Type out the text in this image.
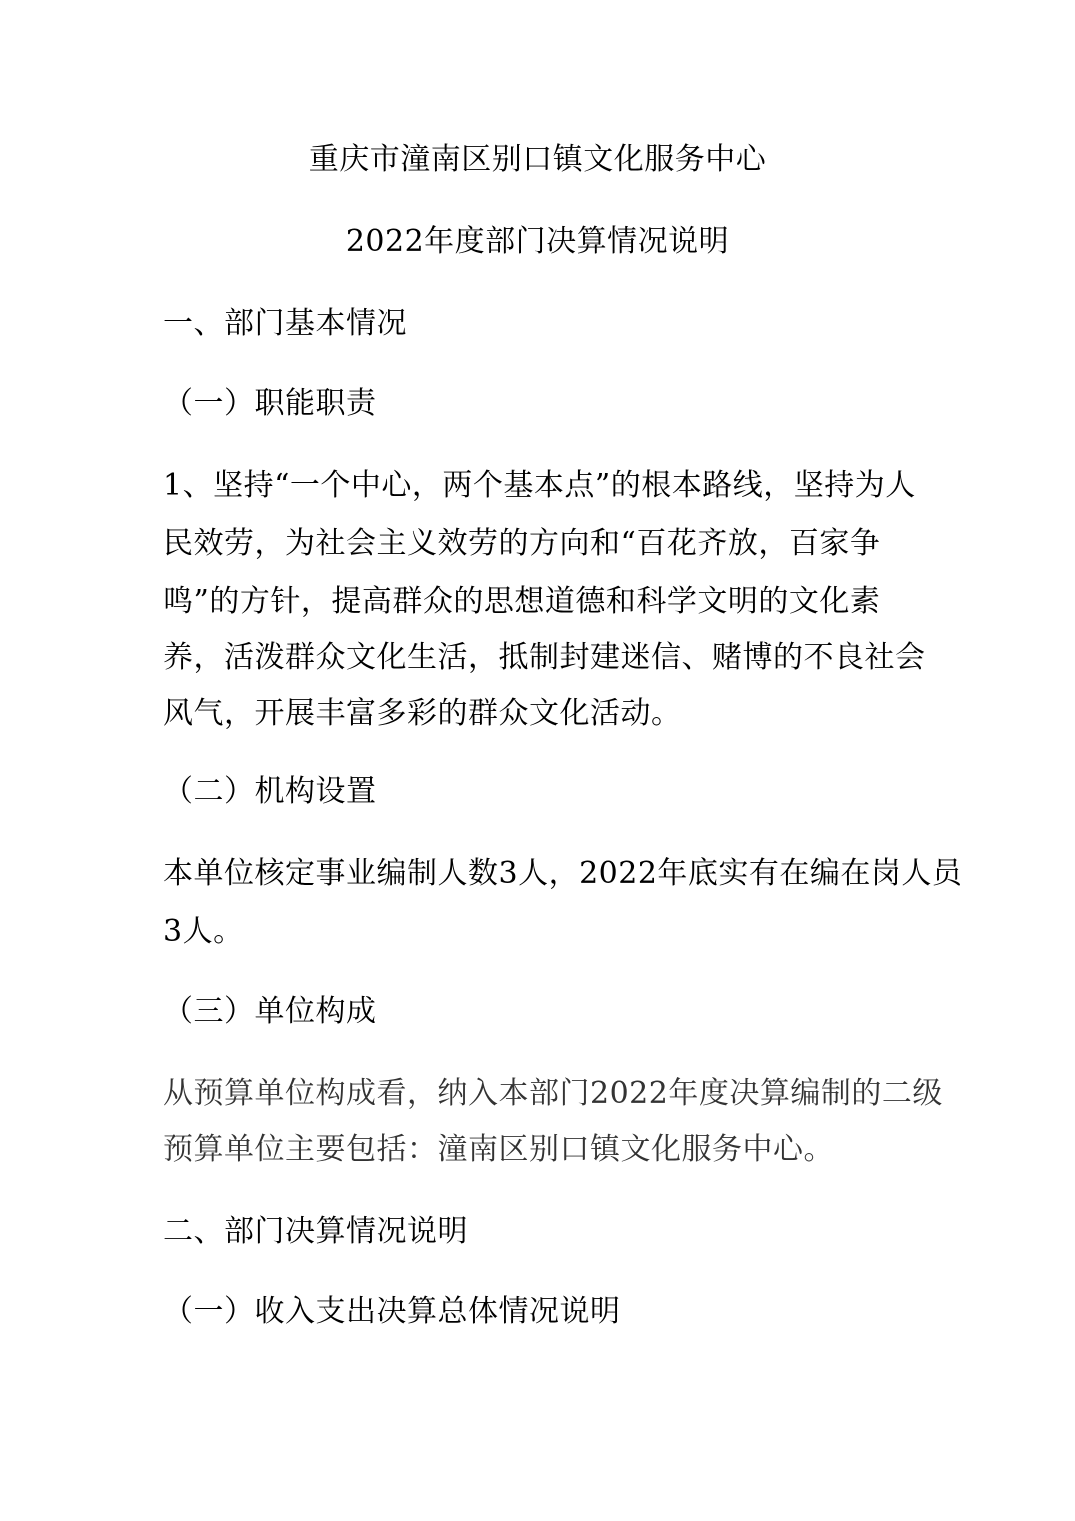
重庆市潼南区别口镇文化服务中心
2022年度部门决算情况说明
一、部门基本情况
（一）职能职责
1、坚持“一个中心，两个基本点”的根本路线，坚持为人
民效劳，为社会主义效劳的方向和“百花齐放，百家争
鸣”的方针，提高群众的思想道德和科学文明的文化素
养，活泼群众文化生活，抵制封建迷信、赌博的不良社会
风气，开展丰富多彩的群众文化活动。
（二）机构设置
本单位核定事业编制人数3人，2022年底实有在编在岗人员
3人。
（三）单位构成
从预算单位构成看，纳入本部门2022年度决算编制的二级
预算单位主要包括：潼南区别口镇文化服务中心。
二、部门决算情况说明
（一）收入支出决算总体情况说明
